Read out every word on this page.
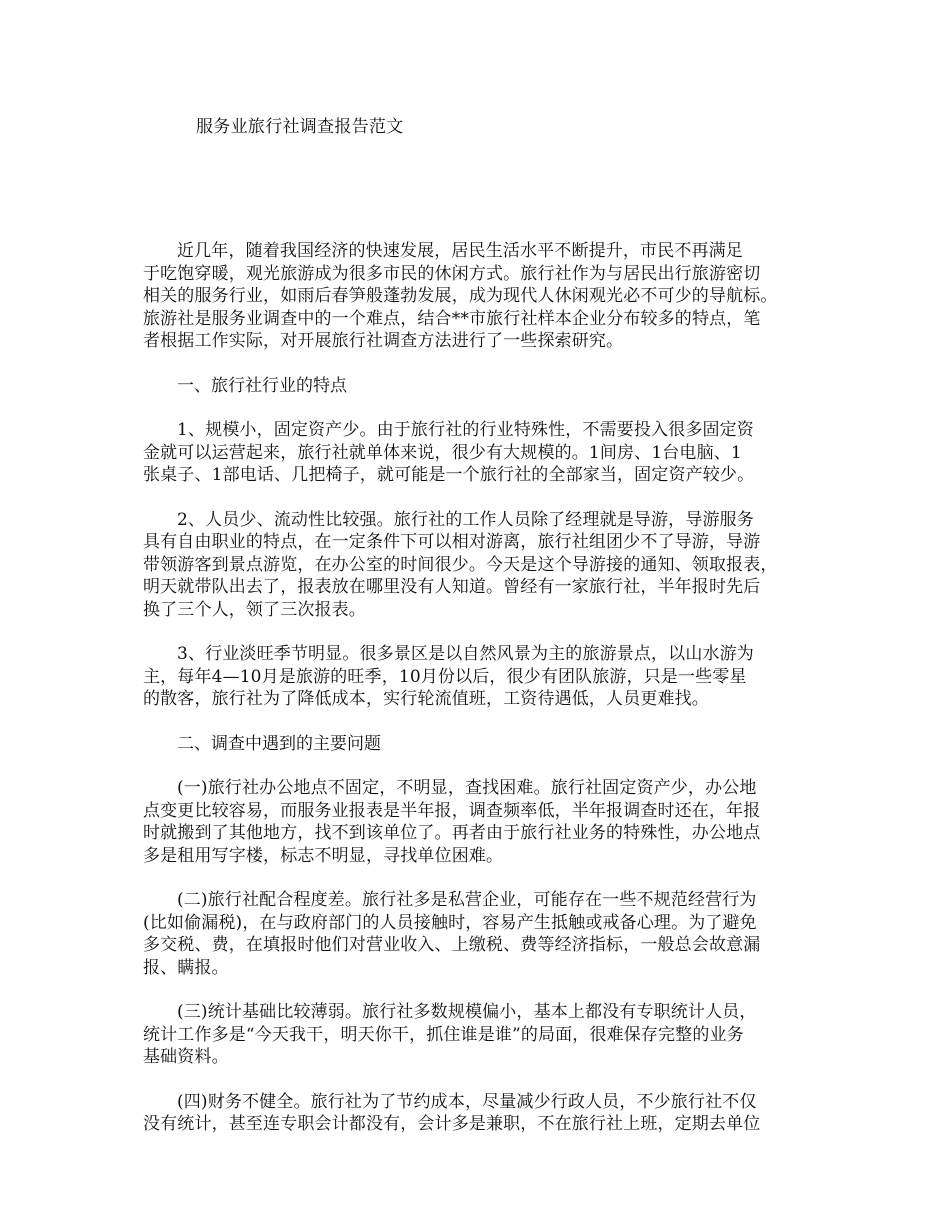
服务业旅行社调查报告范文
近几年，随着我国经济的快速发展，居民生活水平不断提升，市民不再满足
于吃饱穿暖，观光旅游成为很多市民的休闲方式。旅行社作为与居民出行旅游密切
相关的服务行业，如雨后春笋般蓬勃发展，成为现代人休闲观光必不可少的导航标。
旅游社是服务业调查中的一个难点，结合**市旅行社样本企业分布较多的特点，笔
者根据工作实际，对开展旅行社调查方法进行了一些探索研究。
一、旅行社行业的特点
1、规模小，固定资产少。由于旅行社的行业特殊性，不需要投入很多固定资
金就可以运营起来，旅行社就单体来说，很少有大规模的。1间房、1台电脑、1
张桌子、1部电话、几把椅子，就可能是一个旅行社的全部家当，固定资产较少。
2、人员少、流动性比较强。旅行社的工作人员除了经理就是导游，导游服务
具有自由职业的特点，在一定条件下可以相对游离，旅行社组团少不了导游，导游
带领游客到景点游览，在办公室的时间很少。今天是这个导游接的通知、领取报表，
明天就带队出去了，报表放在哪里没有人知道。曾经有一家旅行社，半年报时先后
换了三个人，领了三次报表。
3、行业淡旺季节明显。很多景区是以自然风景为主的旅游景点，以山水游为
主，每年4—10月是旅游的旺季，10月份以后，很少有团队旅游，只是一些零星
的散客，旅行社为了降低成本，实行轮流值班，工资待遇低，人员更难找。
二、调查中遇到的主要问题
(一)旅行社办公地点不固定，不明显，查找困难。旅行社固定资产少，办公地
点变更比较容易，而服务业报表是半年报，调查频率低，半年报调查时还在，年报
时就搬到了其他地方，找不到该单位了。再者由于旅行社业务的特殊性，办公地点
多是租用写字楼，标志不明显，寻找单位困难。
(二)旅行社配合程度差。旅行社多是私营企业，可能存在一些不规范经营行为
(比如偷漏税)，在与政府部门的人员接触时，容易产生抵触或戒备心理。为了避免
多交税、费，在填报时他们对营业收入、上缴税、费等经济指标，一般总会故意漏
报、瞒报。
(三)统计基础比较薄弱。旅行社多数规模偏小，基本上都没有专职统计人员，
统计工作多是“今天我干，明天你干，抓住谁是谁”的局面，很难保存完整的业务
基础资料。
(四)财务不健全。旅行社为了节约成本，尽量减少行政人员，不少旅行社不仅
没有统计，甚至连专职会计都没有，会计多是兼职，不在旅行社上班，定期去单位
